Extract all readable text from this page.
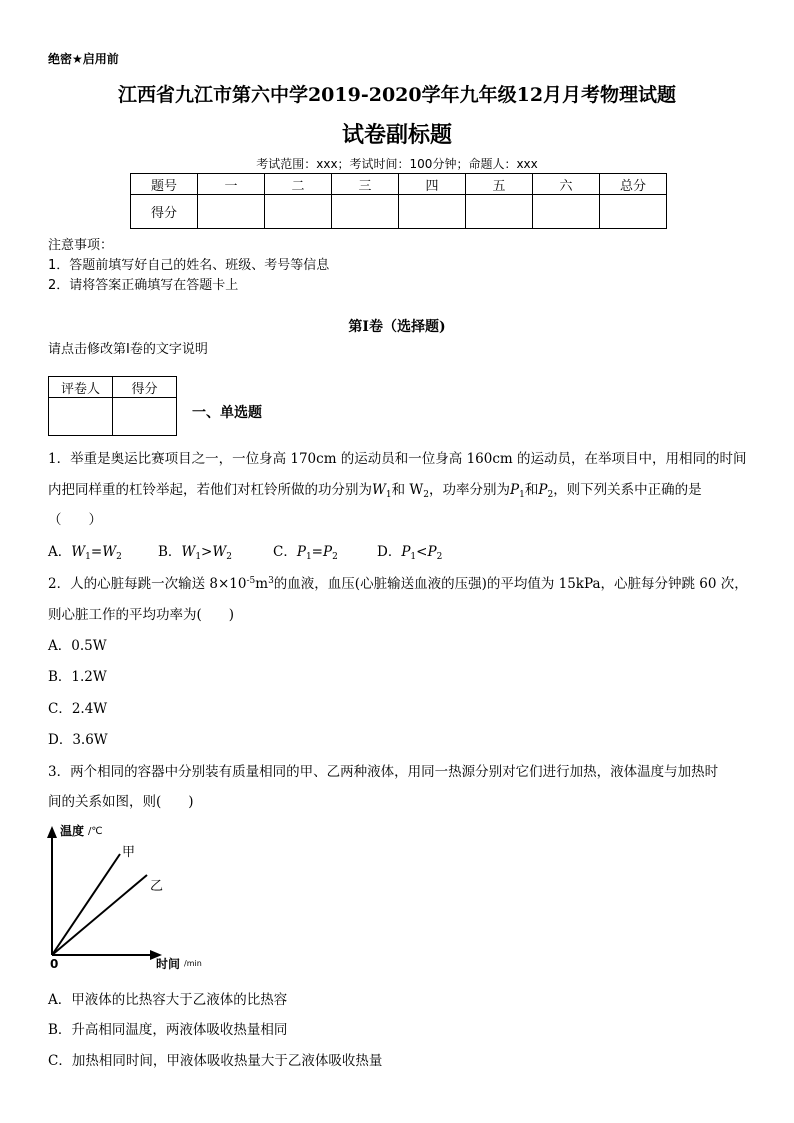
绝密★启用前
江西省九江市第六中学2019-2020学年九年级12月月考物理试题
试卷副标题
考试范围：xxx；考试时间：100分钟；命题人：xxx
题号	一	二	三	四	五	六	总分
得分							
注意事项：
1．答题前填写好自己的姓名、班级、考号等信息
2．请将答案正确填写在答题卡上
第I卷（选择题)
请点击修改第I卷的文字说明
评卷人	得分

一、单选题
1．举重是奥运比赛项目之一，一位身高 170cm 的运动员和一位身高 160cm 的运动员，在举项目中，用相同的时间
内把同样重的杠铃举起，若他们对杠铃所做的功分别为$W_1$和 $W_2$，功率分别为$P_1$和$P_2$，则下列关系中正确的是
（　　）
A．$W_1=W_2$	B．$W_1>W_2$	C．$P_1=P_2$	D．$P_1<P_2$
2．人的心脏每跳一次输送 $8\times 10^{-5}m^3$的血液，血压(心脏输送血液的压强)的平均值为 15kPa，心脏每分钟跳 60 次，
则心脏工作的平均功率为(　　)
A．0.5W
B．1.2W
C．2.4W
D．3.6W
3．两个相同的容器中分别装有质量相同的甲、乙两种液体，用同一热源分别对它们进行加热，液体温度与加热时
间的关系如图，则(　　)
温度 /℃
甲
乙
0	时间 /min
A．甲液体的比热容大于乙液体的比热容
B．升高相同温度，两液体吸收热量相同
C．加热相同时间，甲液体吸收热量大于乙液体吸收热量
